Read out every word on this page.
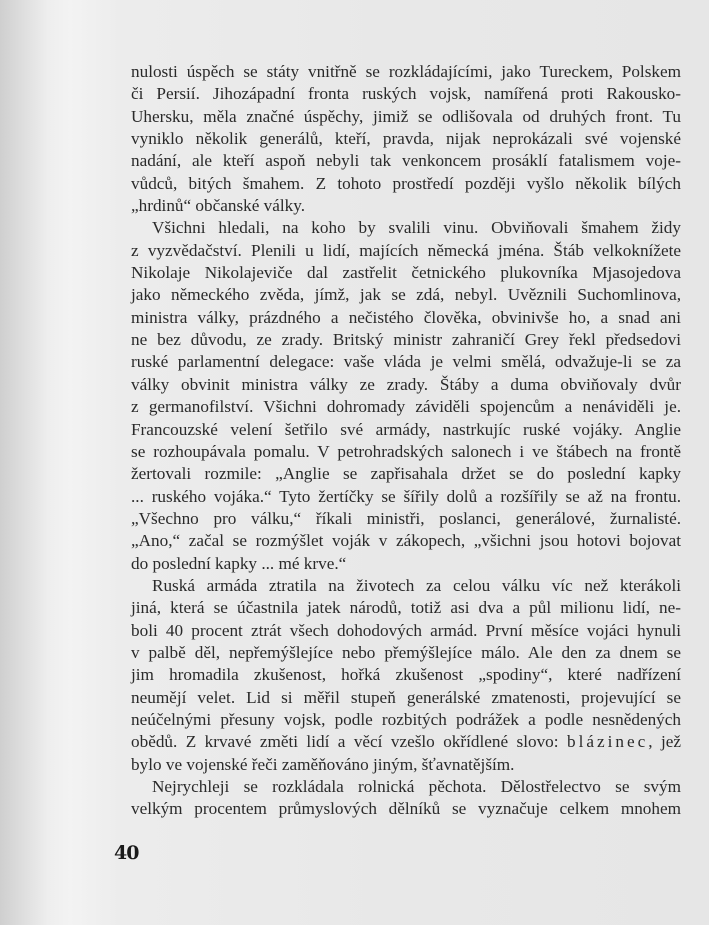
nulosti úspěch se státy vnitřně se rozkládajícími, jako Tureckem, Polskem
či Persií. Jihozápadní fronta ruských vojsk, namířená proti Rakousko-
Uhersku, měla značné úspěchy, jimiž se odlišovala od druhých front. Tu
vyniklo několik generálů, kteří, pravda, nijak neprokázali své vojenské
nadání, ale kteří aspoň nebyli tak venkoncem prosáklí fatalismem voje-
vůdců, bitých šmahem. Z tohoto prostředí později vyšlo několik bílých
„hrdinů“ občanské války.
Všichni hledali, na koho by svalili vinu. Obviňovali šmahem židy
z vyzvědačství. Plenili u lidí, majících německá jména. Štáb velkoknížete
Nikolaje Nikolajeviče dal zastřelit četnického plukovníka Mjasojedova
jako německého zvěda, jímž, jak se zdá, nebyl. Uvěznili Suchomlinova,
ministra války, prázdného a nečistého člověka, obvinivše ho, a snad ani
ne bez důvodu, ze zrady. Britský ministr zahraničí Grey řekl předsedovi
ruské parlamentní delegace: vaše vláda je velmi smělá, odvažuje-li se za
války obvinit ministra války ze zrady. Štáby a duma obviňovaly dvůr
z germanofilství. Všichni dohromady záviděli spojencům a nenáviděli je.
Francouzské velení šetřilo své armády, nastrkujíc ruské vojáky. Anglie
se rozhoupávala pomalu. V petrohradských salonech i ve štábech na frontě
žertovali rozmile: „Anglie se zapřisahala držet se do poslední kapky
... ruského vojáka.“ Tyto žertíčky se šířily dolů a rozšířily se až na frontu.
„Všechno pro válku,“ říkali ministři, poslanci, generálové, žurnalisté.
„Ano,“ začal se rozmýšlet voják v zákopech, „všichni jsou hotovi bojovat
do poslední kapky ... mé krve.“
Ruská armáda ztratila na životech za celou válku víc než kterákoli
jiná, která se účastnila jatek národů, totiž asi dva a půl milionu lidí, ne-
boli 40 procent ztrát všech dohodových armád. První měsíce vojáci hynuli
v palbě děl, nepřemýšlejíce nebo přemýšlejíce málo. Ale den za dnem se
jim hromadila zkušenost, hořká zkušenost „spodiny“, které nadřízení
neumějí velet. Lid si měřil stupeň generálské zmatenosti, projevující se
neúčelnými přesuny vojsk, podle rozbitých podrážek a podle nesnědených
obědů. Z krvavé změti lidí a věcí vzešlo okřídlené slovo: blázinec, jež
bylo ve vojenské řeči zaměňováno jiným, šťavnatějším.
Nejrychleji se rozkládala rolnická pěchota. Dělostřelectvo se svým
velkým procentem průmyslových dělníků se vyznačuje celkem mnohem
40
